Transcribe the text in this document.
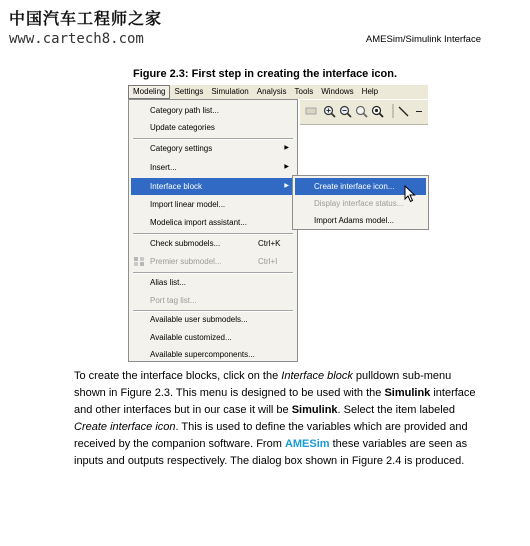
中国汽车工程师之家
www.cartech8.com	AMESim/Simulink Interface
Figure 2.3: First step in creating the interface icon.
Modeling	Settings	Simulation	Analysis	Tools	Windows	Help
Category path list...
Update categories
Category settings	▶
Insert...	▶
Interface block	▶
Import linear model...
Modelica import assistant...
Check submodels...	Ctrl+K
Premier submodel...	Ctrl+I
Alias list...
Port tag list...
Available user submodels...
Available customized...
Available supercomponents...
Create interface icon...
Display interface status...
Import Adams model...

To create the interface blocks, click on the Interface block pulldown sub-menu shown in Figure 2.3. This menu is designed to be used with the Simulink interface and other interfaces but in our case it will be Simulink. Select the item labeled Create interface icon. This is used to define the variables which are provided and received by the companion software. From AMESim these variables are seen as inputs and outputs respectively. The dialog box shown in Figure 2.4 is produced.
